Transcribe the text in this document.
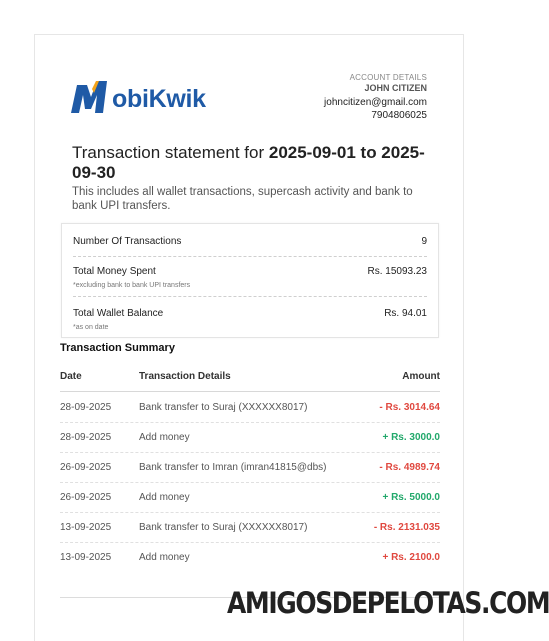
obiKwik
ACCOUNT DETAILS
JOHN CITIZEN
johncitizen@gmail.com
7904806025
Transaction statement for 2025-09-01 to 2025-09-30
This includes all wallet transactions, supercash activity and bank to bank UPI transfers.
Number Of Transactions	9
Total Money Spent	Rs. 15093.23
*excluding bank to bank UPI transfers
Total Wallet Balance	Rs. 94.01
*as on date
Transaction Summary
Date	Transaction Details	Amount
28-09-2025	Bank transfer to Suraj (XXXXXX8017)	- Rs. 3014.64
28-09-2025	Add money	+ Rs. 3000.0
26-09-2025	Bank transfer to Imran (imran41815@dbs)	- Rs. 4989.74
26-09-2025	Add money	+ Rs. 5000.0
13-09-2025	Bank transfer to Suraj (XXXXXX8017)	- Rs. 2131.035
13-09-2025	Add money	+ Rs. 2100.0
AMIGOSDEPELOTAS.COM
